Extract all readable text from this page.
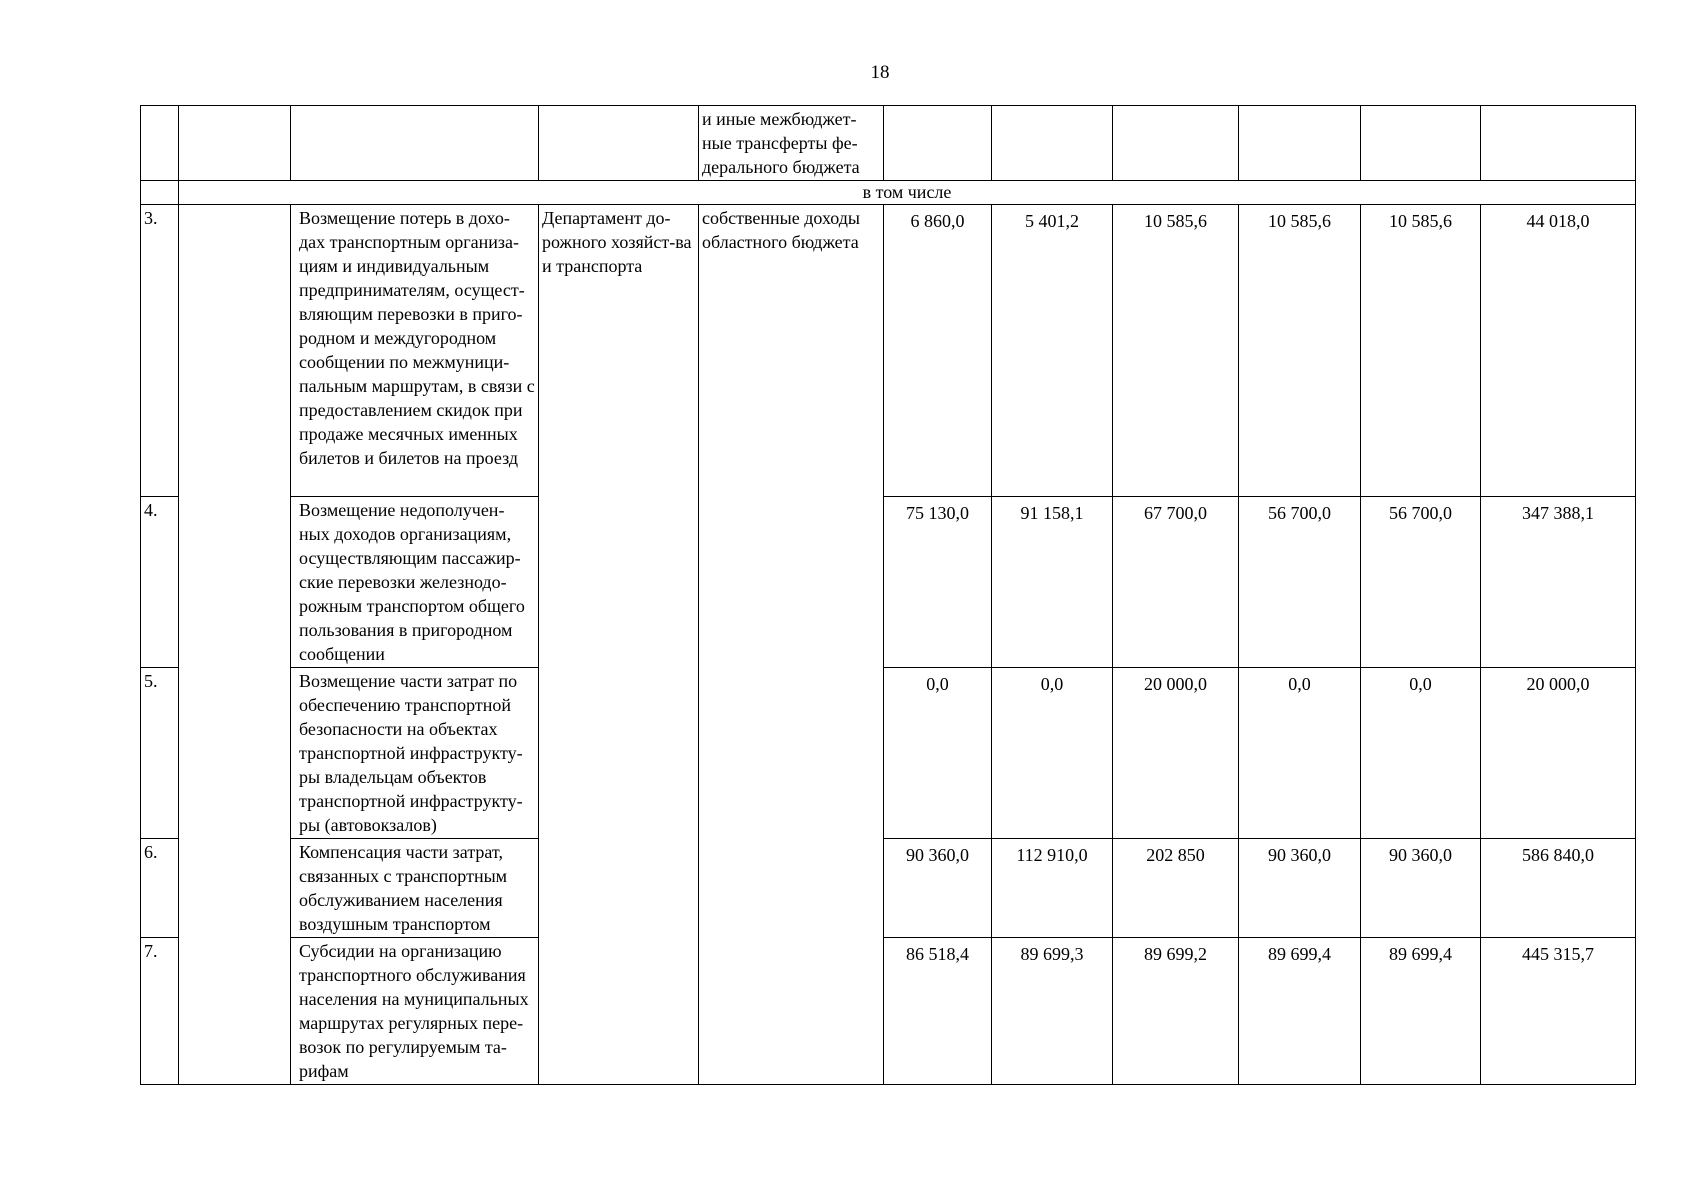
18
				и иные межбюджет-ные трансферты фе-дерального бюджета						
	в том числе									
3.		Возмещение потерь в дохо-дах транспортным организа-циям и индивидуальным предпринимателям, осущест-вляющим перевозки в приго-родном и междугородном сообщении по межмуници-пальным маршрутам, в связи с предоставлением скидок при продаже месячных именных билетов и билетов на проезд	Департамент до-рожного хозяйст-ва и транспорта	собственные доходы областного бюджета	6 860,0	5 401,2	10 585,6	10 585,6	10 585,6	44 018,0
4.		Возмещение недополучен-ных доходов организациям, осуществляющим пассажир-ские перевозки железнодо-рожным транспортом общего пользования в пригородном сообщении			75 130,0	91 158,1	67 700,0	56 700,0	56 700,0	347 388,1
5.		Возмещение части затрат по обеспечению транспортной безопасности на объектах транспортной инфраструкту-ры владельцам объектов транспортной инфраструкту-ры (автовокзалов)			0,0	0,0	20 000,0	0,0	0,0	20 000,0
6.		Компенсация части затрат, связанных с транспортным обслуживанием населения воздушным транспортом			90 360,0	112 910,0	202 850	90 360,0	90 360,0	586 840,0
7.		Субсидии на организацию транспортного обслуживания населения на муниципальных маршрутах регулярных пере-возок по регулируемым та-рифам			86 518,4	89 699,3	89 699,2	89 699,4	89 699,4	445 315,7
